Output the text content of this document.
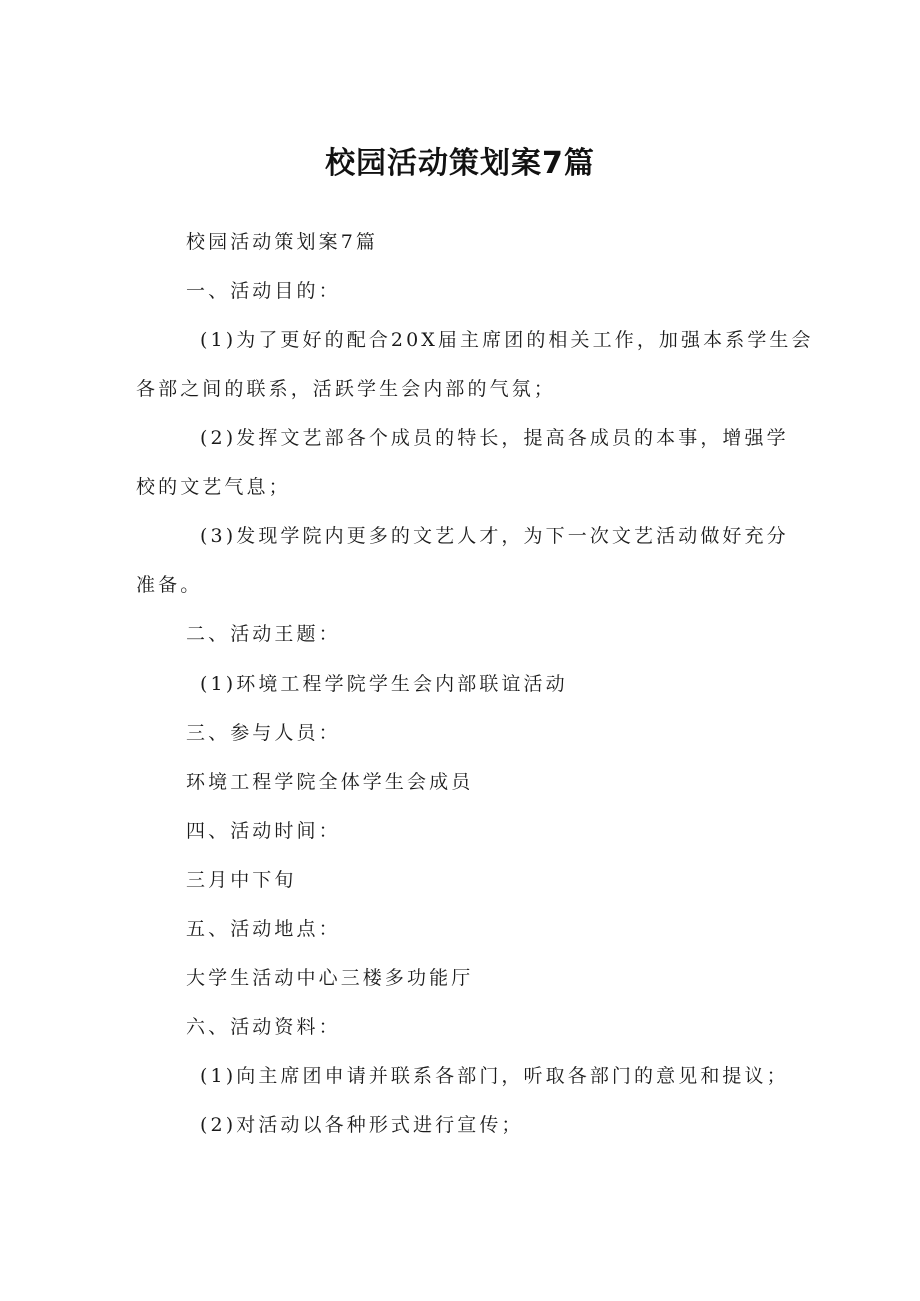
校园活动策划案7篇
校园活动策划案7篇
一、活动目的：
(1)为了更好的配合20X届主席团的相关工作，加强本系学生会
各部之间的联系，活跃学生会内部的气氛；
(2)发挥文艺部各个成员的特长，提高各成员的本事，增强学
校的文艺气息；
(3)发现学院内更多的文艺人才，为下一次文艺活动做好充分
准备。
二、活动王题：
(1)环境工程学院学生会内部联谊活动
三、参与人员：
环境工程学院全体学生会成员
四、活动时间：
三月中下旬
五、活动地点：
大学生活动中心三楼多功能厅
六、活动资料：
(1)向主席团申请并联系各部门，听取各部门的意见和提议；
(2)对活动以各种形式进行宣传；
